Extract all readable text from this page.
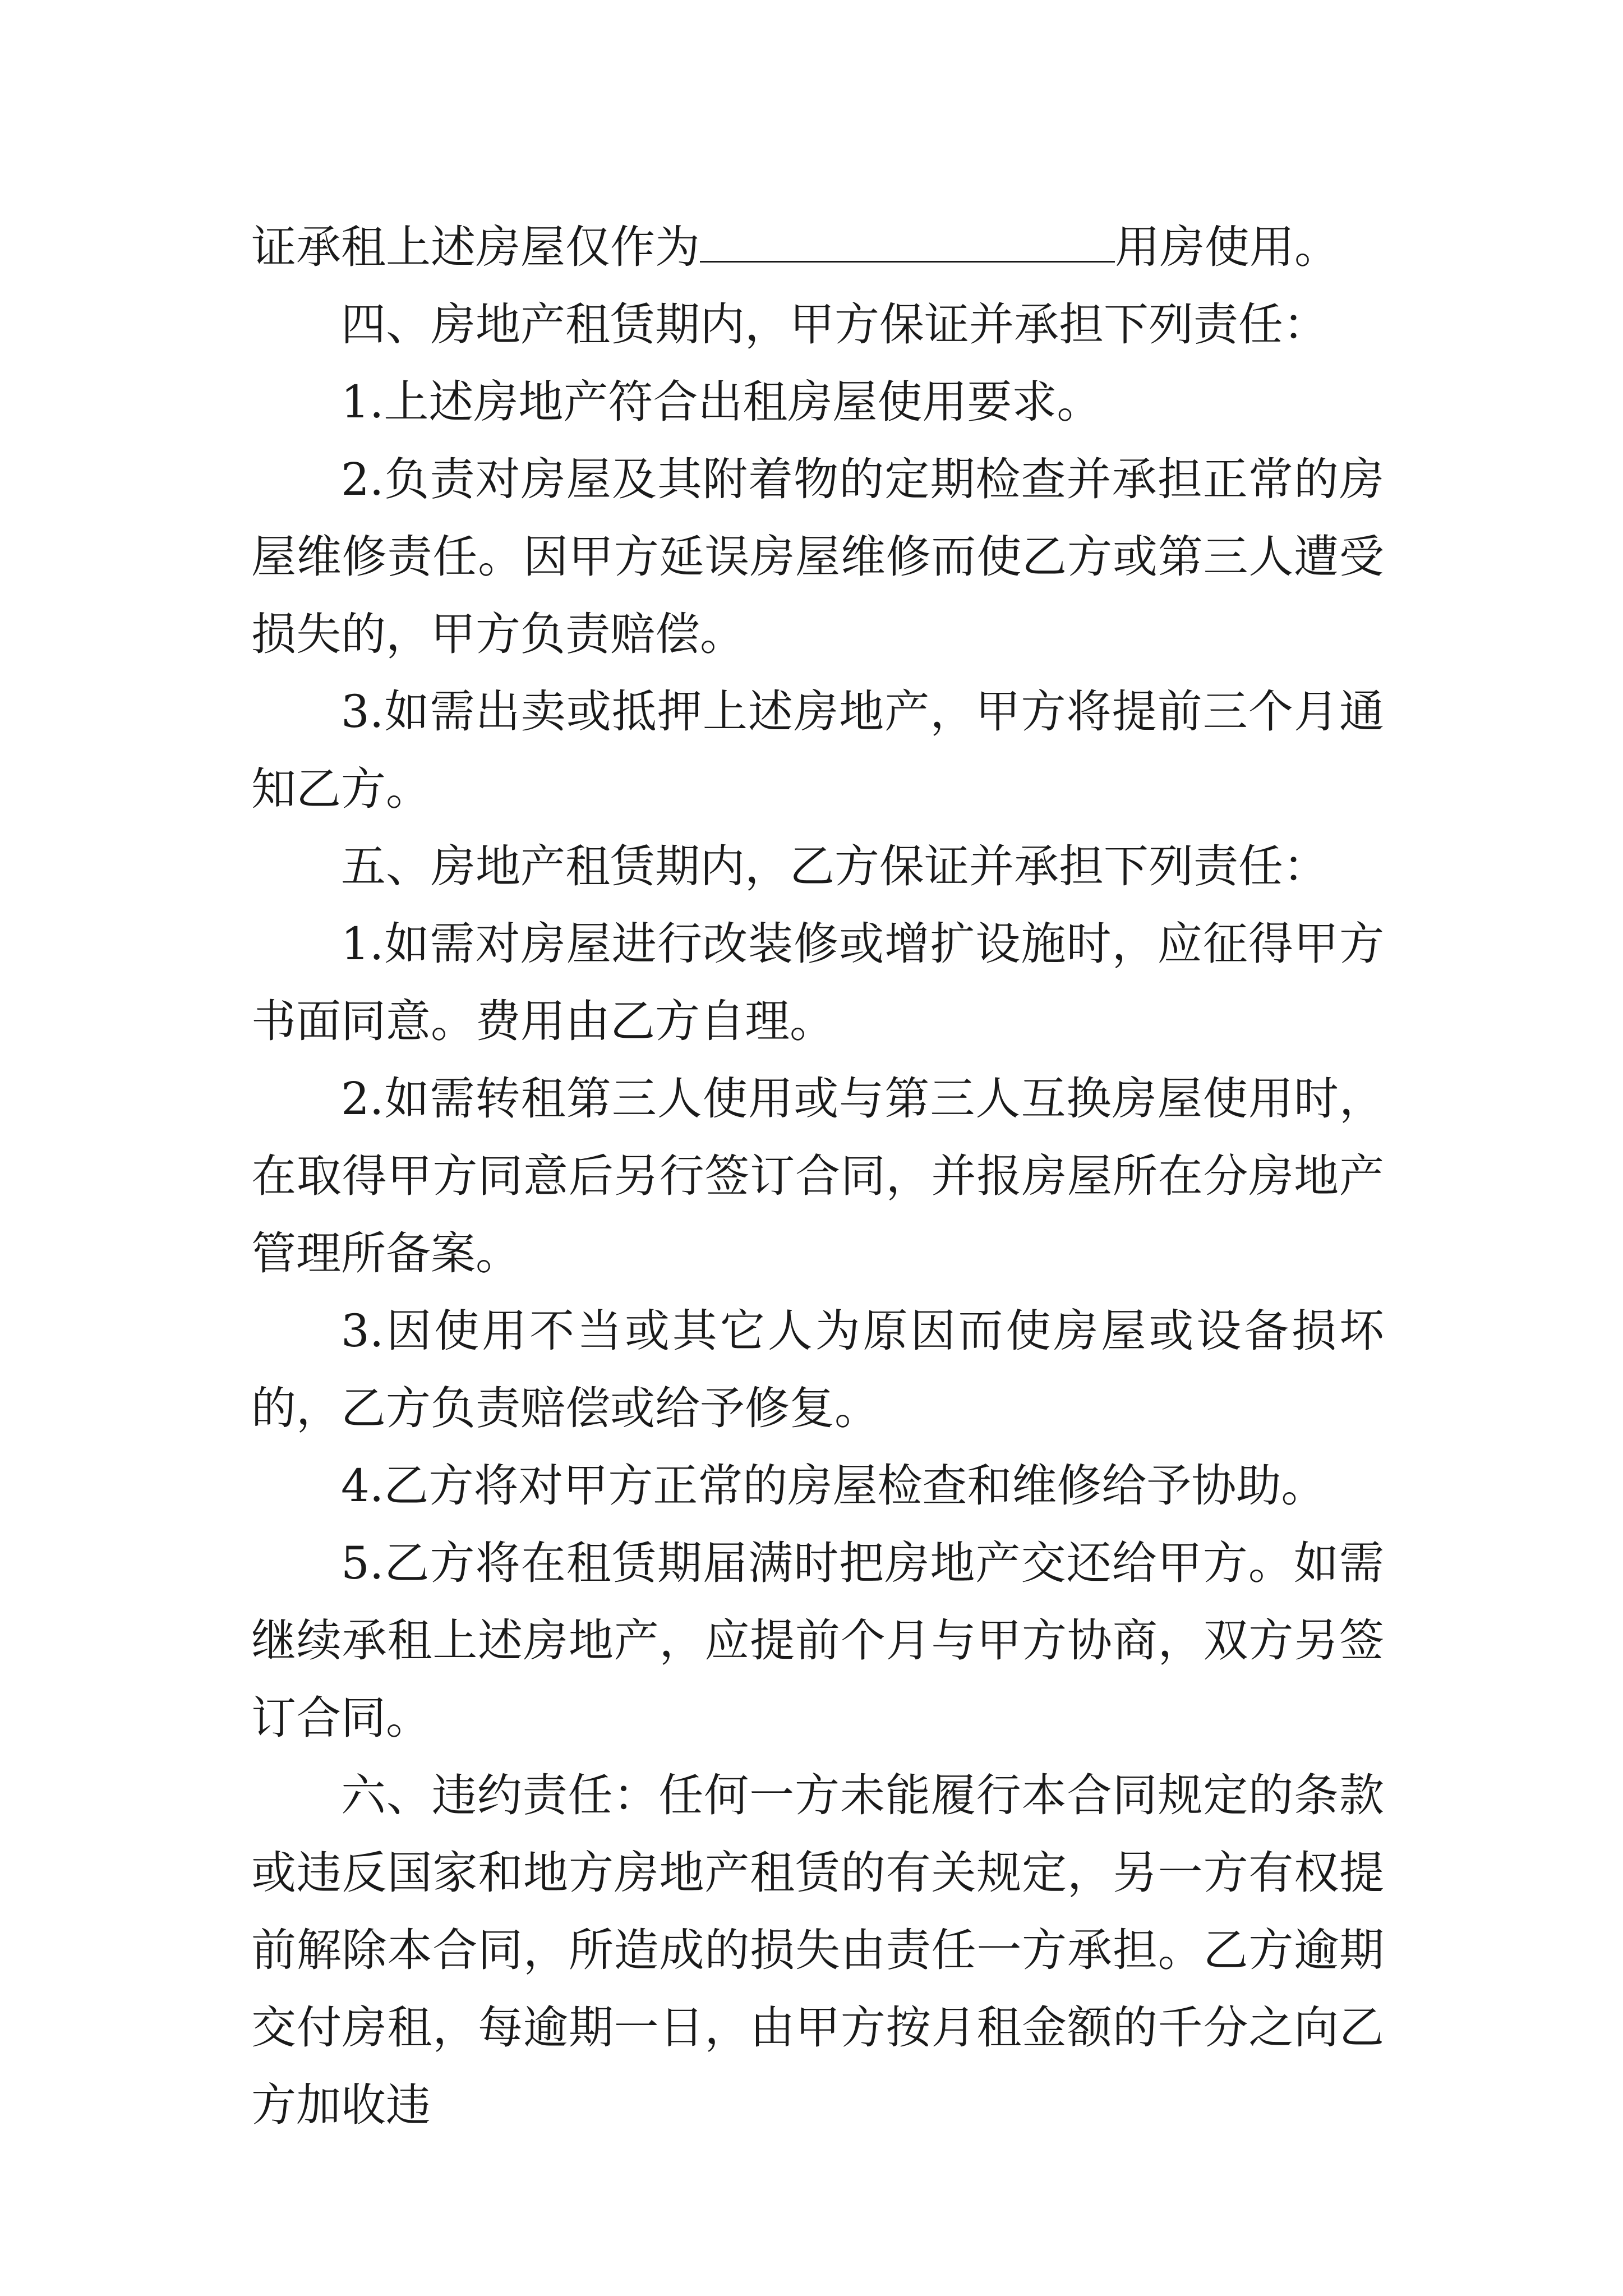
证承租上述房屋仅作为	用房使用。

四、房地产租赁期内，甲方保证并承担下列责任：

1.上述房地产符合出租房屋使用要求。

2.负责对房屋及其附着物的定期检查并承担正常的房屋维修责任。因甲方延误房屋维修而使乙方或第三人遭受损失的，甲方负责赔偿。

3.如需出卖或抵押上述房地产，甲方将提前三个月通知乙方。

五、房地产租赁期内，乙方保证并承担下列责任：

1.如需对房屋进行改装修或增扩设施时，应征得甲方书面同意。费用由乙方自理。

2.如需转租第三人使用或与第三人互换房屋使用时，在取得甲方同意后另行签订合同，并报房屋所在分房地产管理所备案。

3.因使用不当或其它人为原因而使房屋或设备损坏的，乙方负责赔偿或给予修复。

4.乙方将对甲方正常的房屋检查和维修给予协助。

5.乙方将在租赁期届满时把房地产交还给甲方。如需继续承租上述房地产，应提前个月与甲方协商，双方另签订合同。

六、违约责任：任何一方未能履行本合同规定的条款或违反国家和地方房地产租赁的有关规定，另一方有权提前解除本合同，所造成的损失由责任一方承担。乙方逾期交付房租，每逾期一日，由甲方按月租金额的千分之向乙方加收违
